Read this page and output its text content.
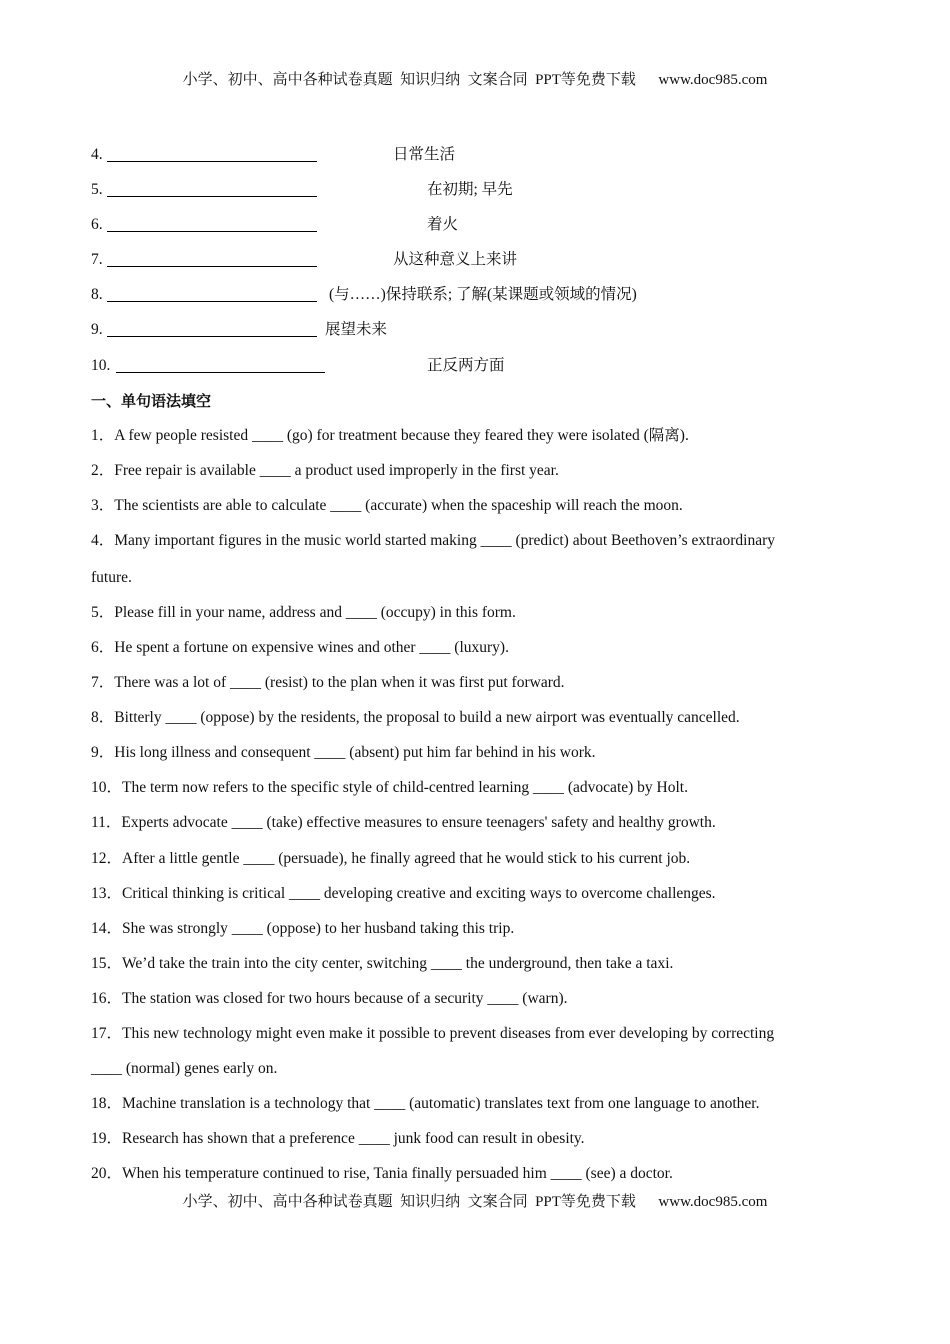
小学、初中、高中各种试卷真题  知识归纳  文案合同  PPT等免费下载      www.doc985.com
4.	日常生活
5.	在初期; 早先
6.	着火
7.	从这种意义上来讲
8.	(与……)保持联系; 了解(某课题或领域的情况)
9.	展望未来
10.	正反两方面
一、单句语法填空
1．A few people resisted ____ (go) for treatment because they feared they were isolated (隔离).
2．Free repair is available ____ a product used improperly in the first year.
3．The scientists are able to calculate ____ (accurate) when the spaceship will reach the moon.
4．Many important figures in the music world started making ____ (predict) about Beethoven’s extraordinary
future.
5．Please fill in your name, address and ____ (occupy) in this form.
6．He spent a fortune on expensive wines and other ____ (luxury).
7．There was a lot of ____ (resist) to the plan when it was first put forward.
8．Bitterly ____ (oppose) by the residents, the proposal to build a new airport was eventually cancelled.
9．His long illness and consequent ____ (absent) put him far behind in his work.
10．The term now refers to the specific style of child-centred learning ____ (advocate) by Holt.
11．Experts advocate ____ (take) effective measures to ensure teenagers' safety and healthy growth.
12．After a little gentle ____ (persuade), he finally agreed that he would stick to his current job.
13．Critical thinking is critical ____ developing creative and exciting ways to overcome challenges.
14．She was strongly ____ (oppose) to her husband taking this trip.
15．We’d take the train into the city center, switching ____ the underground, then take a taxi.
16．The station was closed for two hours because of a security ____ (warn).
17．This new technology might even make it possible to prevent diseases from ever developing by correcting
____ (normal) genes early on.
18．Machine translation is a technology that ____ (automatic) translates text from one language to another.
19．Research has shown that a preference ____ junk food can result in obesity.
20．When his temperature continued to rise, Tania finally persuaded him ____ (see) a doctor.
小学、初中、高中各种试卷真题  知识归纳  文案合同  PPT等免费下载      www.doc985.com
